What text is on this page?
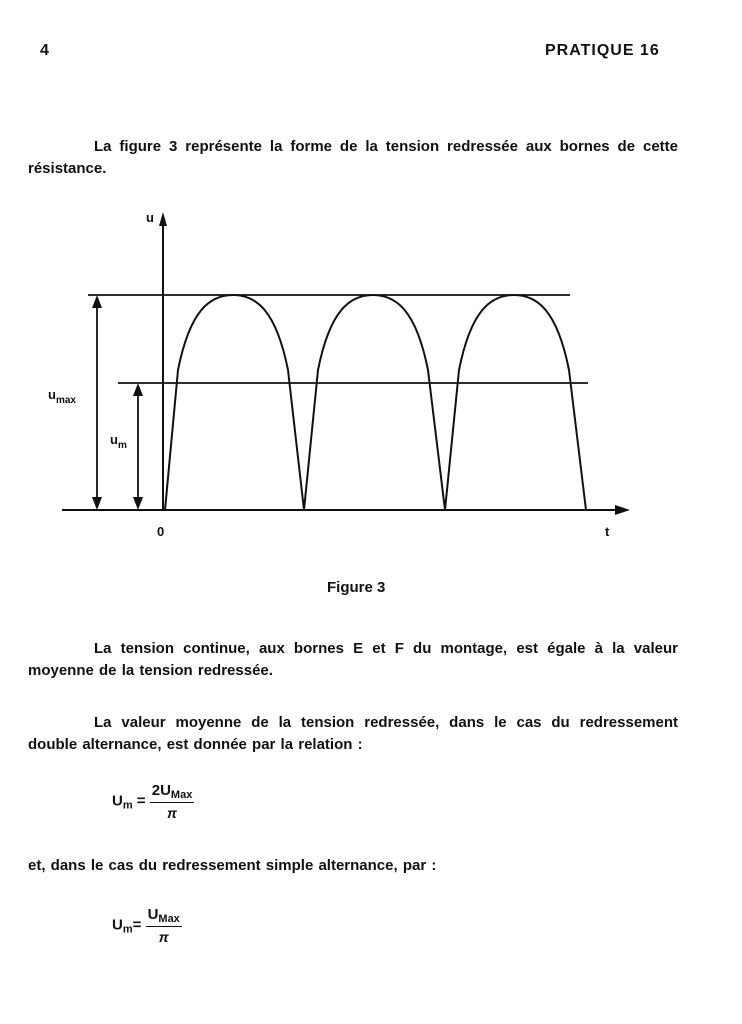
4	PRATIQUE 16
La figure 3 représente la forme de la tension redressée aux bornes de cette résistance.
u
t
0
$u_{max}$
$u_m$
Figure 3
La tension continue, aux bornes E et F du montage, est égale à la valeur moyenne de la tension redressée.
La valeur moyenne de la tension redressée, dans le cas du redressement double alternance, est donnée par la relation :
$U_m = \frac{2U_{Max}}{\pi}$
et, dans le cas du redressement simple alternance, par :
$U_m= \frac{U_{Max}}{\pi}$
